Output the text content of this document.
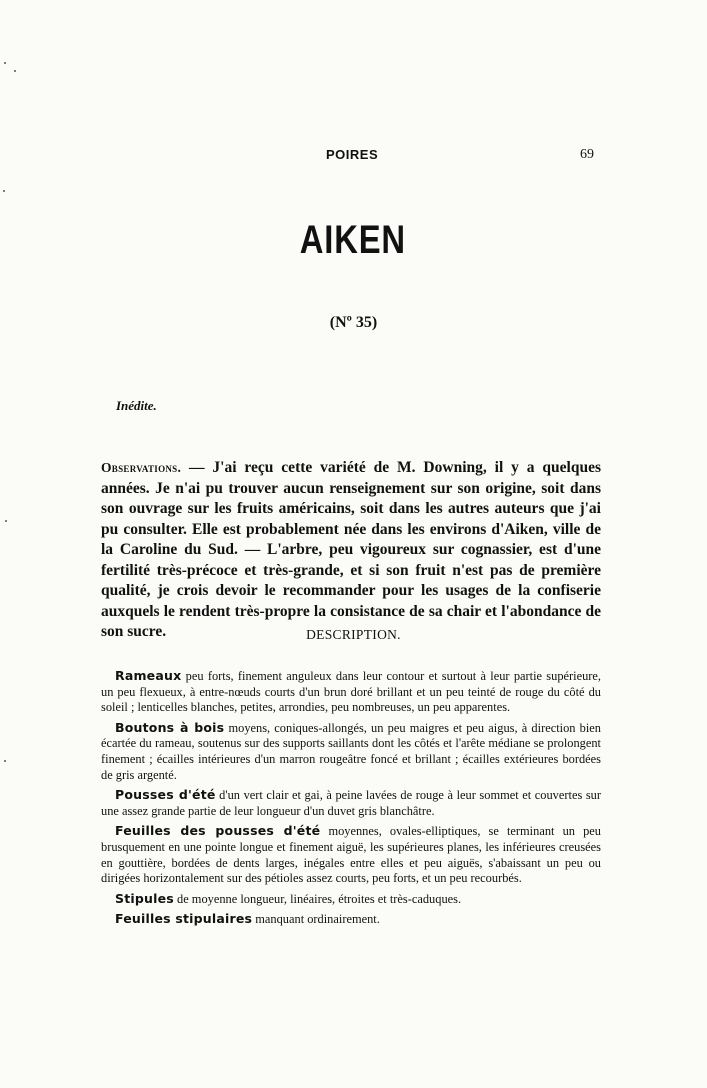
POIRES	69
AIKEN
(Nº 35)
Inédite.
Observations. — J'ai reçu cette variété de M. Downing, il y a quelques années. Je n'ai pu trouver aucun renseignement sur son origine, soit dans son ouvrage sur les fruits américains, soit dans les autres auteurs que j'ai pu consulter. Elle est probablement née dans les environs d'Aiken, ville de la Caroline du Sud. — L'arbre, peu vigoureux sur cognassier, est d'une fertilité très-précoce et très-grande, et si son fruit n'est pas de première qualité, je crois devoir le recommander pour les usages de la confiserie auxquels le rendent très-propre la consistance de sa chair et l'abondance de son sucre.	DESCRIPTION.

Rameaux peu forts, finement anguleux dans leur contour et surtout à leur partie supérieure, un peu flexueux, à entre-nœuds courts d'un brun doré brillant et un peu teinté de rouge du côté du soleil ; lenticelles blanches, petites, arrondies, peu nombreuses, un peu apparentes.

Boutons à bois moyens, coniques-allongés, un peu maigres et peu aigus, à direction bien écartée du rameau, soutenus sur des supports saillants dont les côtés et l'arête médiane se prolongent finement ; écailles intérieures d'un marron rougeâtre foncé et brillant ; écailles extérieures bordées de gris argenté.

Pousses d'été d'un vert clair et gai, à peine lavées de rouge à leur sommet et couvertes sur une assez grande partie de leur longueur d'un duvet gris blanchâtre.

Feuilles des pousses d'été moyennes, ovales-elliptiques, se terminant un peu brusquement en une pointe longue et finement aiguë, les supérieures planes, les inférieures creusées en gouttière, bordées de dents larges, inégales entre elles et peu aiguës, s'abaissant un peu ou dirigées horizontalement sur des pétioles assez courts, peu forts, et un peu recourbés.

Stipules de moyenne longueur, linéaires, étroites et très-caduques.

Feuilles stipulaires manquant ordinairement.
